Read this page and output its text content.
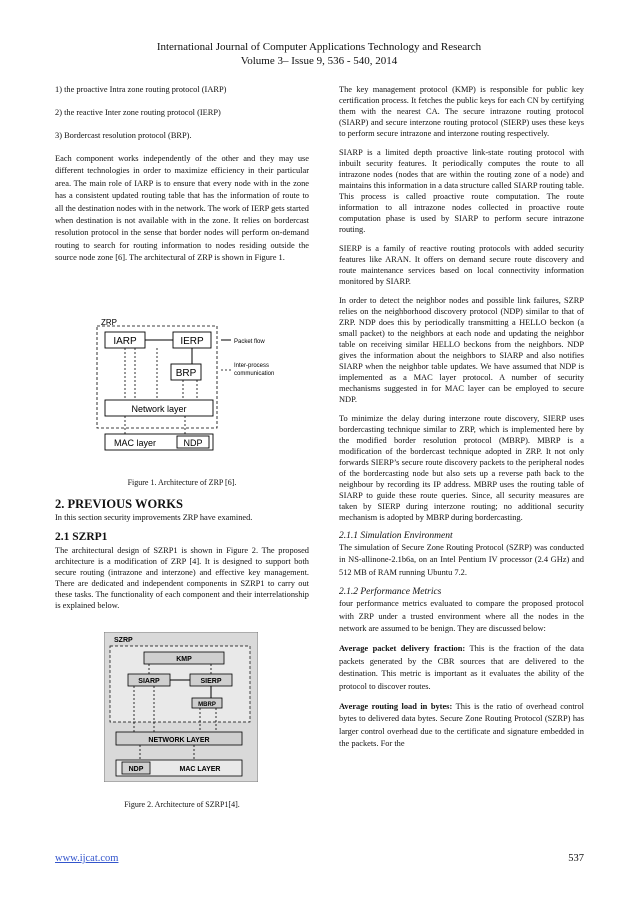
International Journal of Computer Applications Technology and Research
Volume 3– Issue 9, 536 - 540, 2014

1) the proactive Intra zone routing protocol (IARP)

2) the reactive Inter zone routing protocol (IERP)

3) Bordercast resolution protocol (BRP).

Each component works independently of the other and they may use different technologies in order to maximize efficiency in their particular area. The main role of IARP is to ensure that every node with in the zone has a consistent updated routing table that has the information of route to all the destination nodes with in the network. The work of IERP gets started when destination is not available with in the zone. It relies on bordercast resolution protocol in the sense that border nodes will perform on-demand routing to search for routing information to nodes residing outside the source node zone [6]. The architectural of ZRP is shown in Figure 1.

ZRP
IARP	IERP
BRP
Network layer
MAC layer	NDP
Packet flow
Inter-process
communication
Figure 1. Architecture of ZRP [6].
2. PREVIOUS WORKS
In this section security improvements ZRP have examined.
2.1 SZRP1
The architectural design of SZRP1 is shown in Figure 2. The proposed architecture is a modification of ZRP [4]. It is designed to support both secure routing (intrazone and interzone) and effective key management. There are dedicated and independent components in SZRP1 to carry out these tasks. The functionality of each component and their interrelationship is explained below.
SZRP
KMP
SIARP	SIERP
MBRP
NETWORK LAYER
NDP	MAC LAYER
Figure 2. Architecture of SZRP1[4].

The key management protocol (KMP) is responsible for public key certification process. It fetches the public keys for each CN by certifying them with the nearest CA. The secure intrazone routing protocol (SIARP) and secure interzone routing protocol (SIERP) uses these keys to perform secure intrazone and interzone routing respectively.

SIARP is a limited depth proactive link-state routing protocol with inbuilt security features. It periodically computes the route to all intrazone nodes (nodes that are within the routing zone of a node) and maintains this information in a data structure called SIARP routing table. This process is called proactive route computation. The route information to all intrazone nodes collected in proactive route computation phase is used by SIARP to perform secure intrazone routing.

SIERP is a family of reactive routing protocols with added security features like ARAN. It offers on demand secure route discovery and route maintenance services based on local connectivity information monitored by SIARP.

In order to detect the neighbor nodes and possible link failures, SZRP relies on the neighborhood discovery protocol (NDP) similar to that of ZRP. NDP does this by periodically transmitting a HELLO beckon (a small packet) to the neighbors at each node and updating the neighbor table on receiving similar HELLO beckons from the neighbors. NDP gives the information about the neighbors to SIARP and also notifies SIARP when the neighbor table updates. We have assumed that NDP is implemented as a MAC layer protocol. A number of security mechanisms suggested in for MAC layer can be employed to secure NDP.

To minimize the delay during interzone route discovery, SIERP uses bordercasting technique similar to ZRP, which is implemented here by the modified border resolution protocol (MBRP). MBRP is a modification of the bordercast technique adopted in ZRP. It not only forwards SIERP’s secure route discovery packets to the peripheral nodes of the bordercasting node but also sets up a reverse path back to the neighbour by recording its IP address. MBRP uses the routing table of SIARP to guide these route queries. Since, all security measures are taken by SIERP during interzone routing; no additional security mechanism is adopted by MBRP during bordercasting.

2.1.1 Simulation Environment

The simulation of Secure Zone Routing Protocol (SZRP) was conducted in NS-allinone-2.1b6a, on an Intel Pentium IV processor (2.4 GHz) and 512 MB of RAM running Ubuntu 7.2.

2.1.2 Performance Metrics

four performance metrics evaluated to compare the proposed protocol with ZRP under a trusted environment where all the nodes in the network are assumed to be benign. They are discussed below:

Average packet delivery fraction: This is the fraction of the data packets generated by the CBR sources that are delivered to the destination. This metric is important as it evaluates the ability of the protocol to discover routes.

Average routing load in bytes: This is the ratio of overhead control bytes to delivered data bytes. Secure Zone Routing Protocol (SZRP) has larger control overhead due to the certificate and signature embedded in the packets. For the

www.ijcat.com	537
